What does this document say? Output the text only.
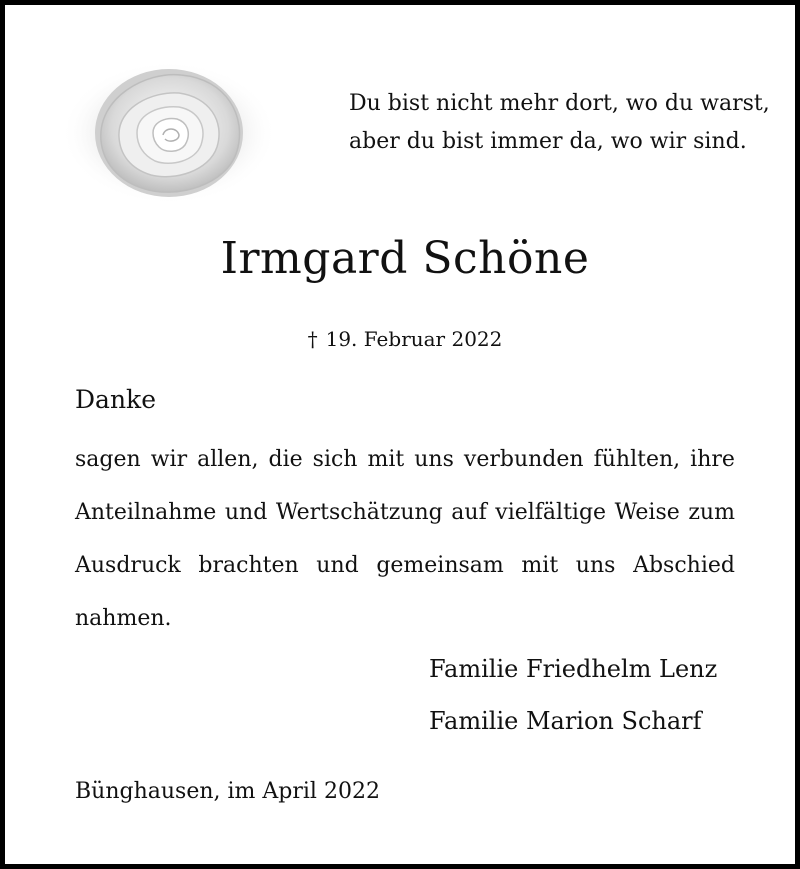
Du bist nicht mehr dort, wo du warst,
aber du bist immer da, wo wir sind.
Irmgard Schöne
† 19. Februar 2022
Danke
sagen wir allen, die sich mit uns verbunden fühlten, ihre
Anteilnahme und Wertschätzung auf vielfältige Weise zum
Ausdruck brachten und gemeinsam mit uns Abschied
nahmen.
Familie Friedhelm Lenz
Familie Marion Scharf
Bünghausen, im April 2022
